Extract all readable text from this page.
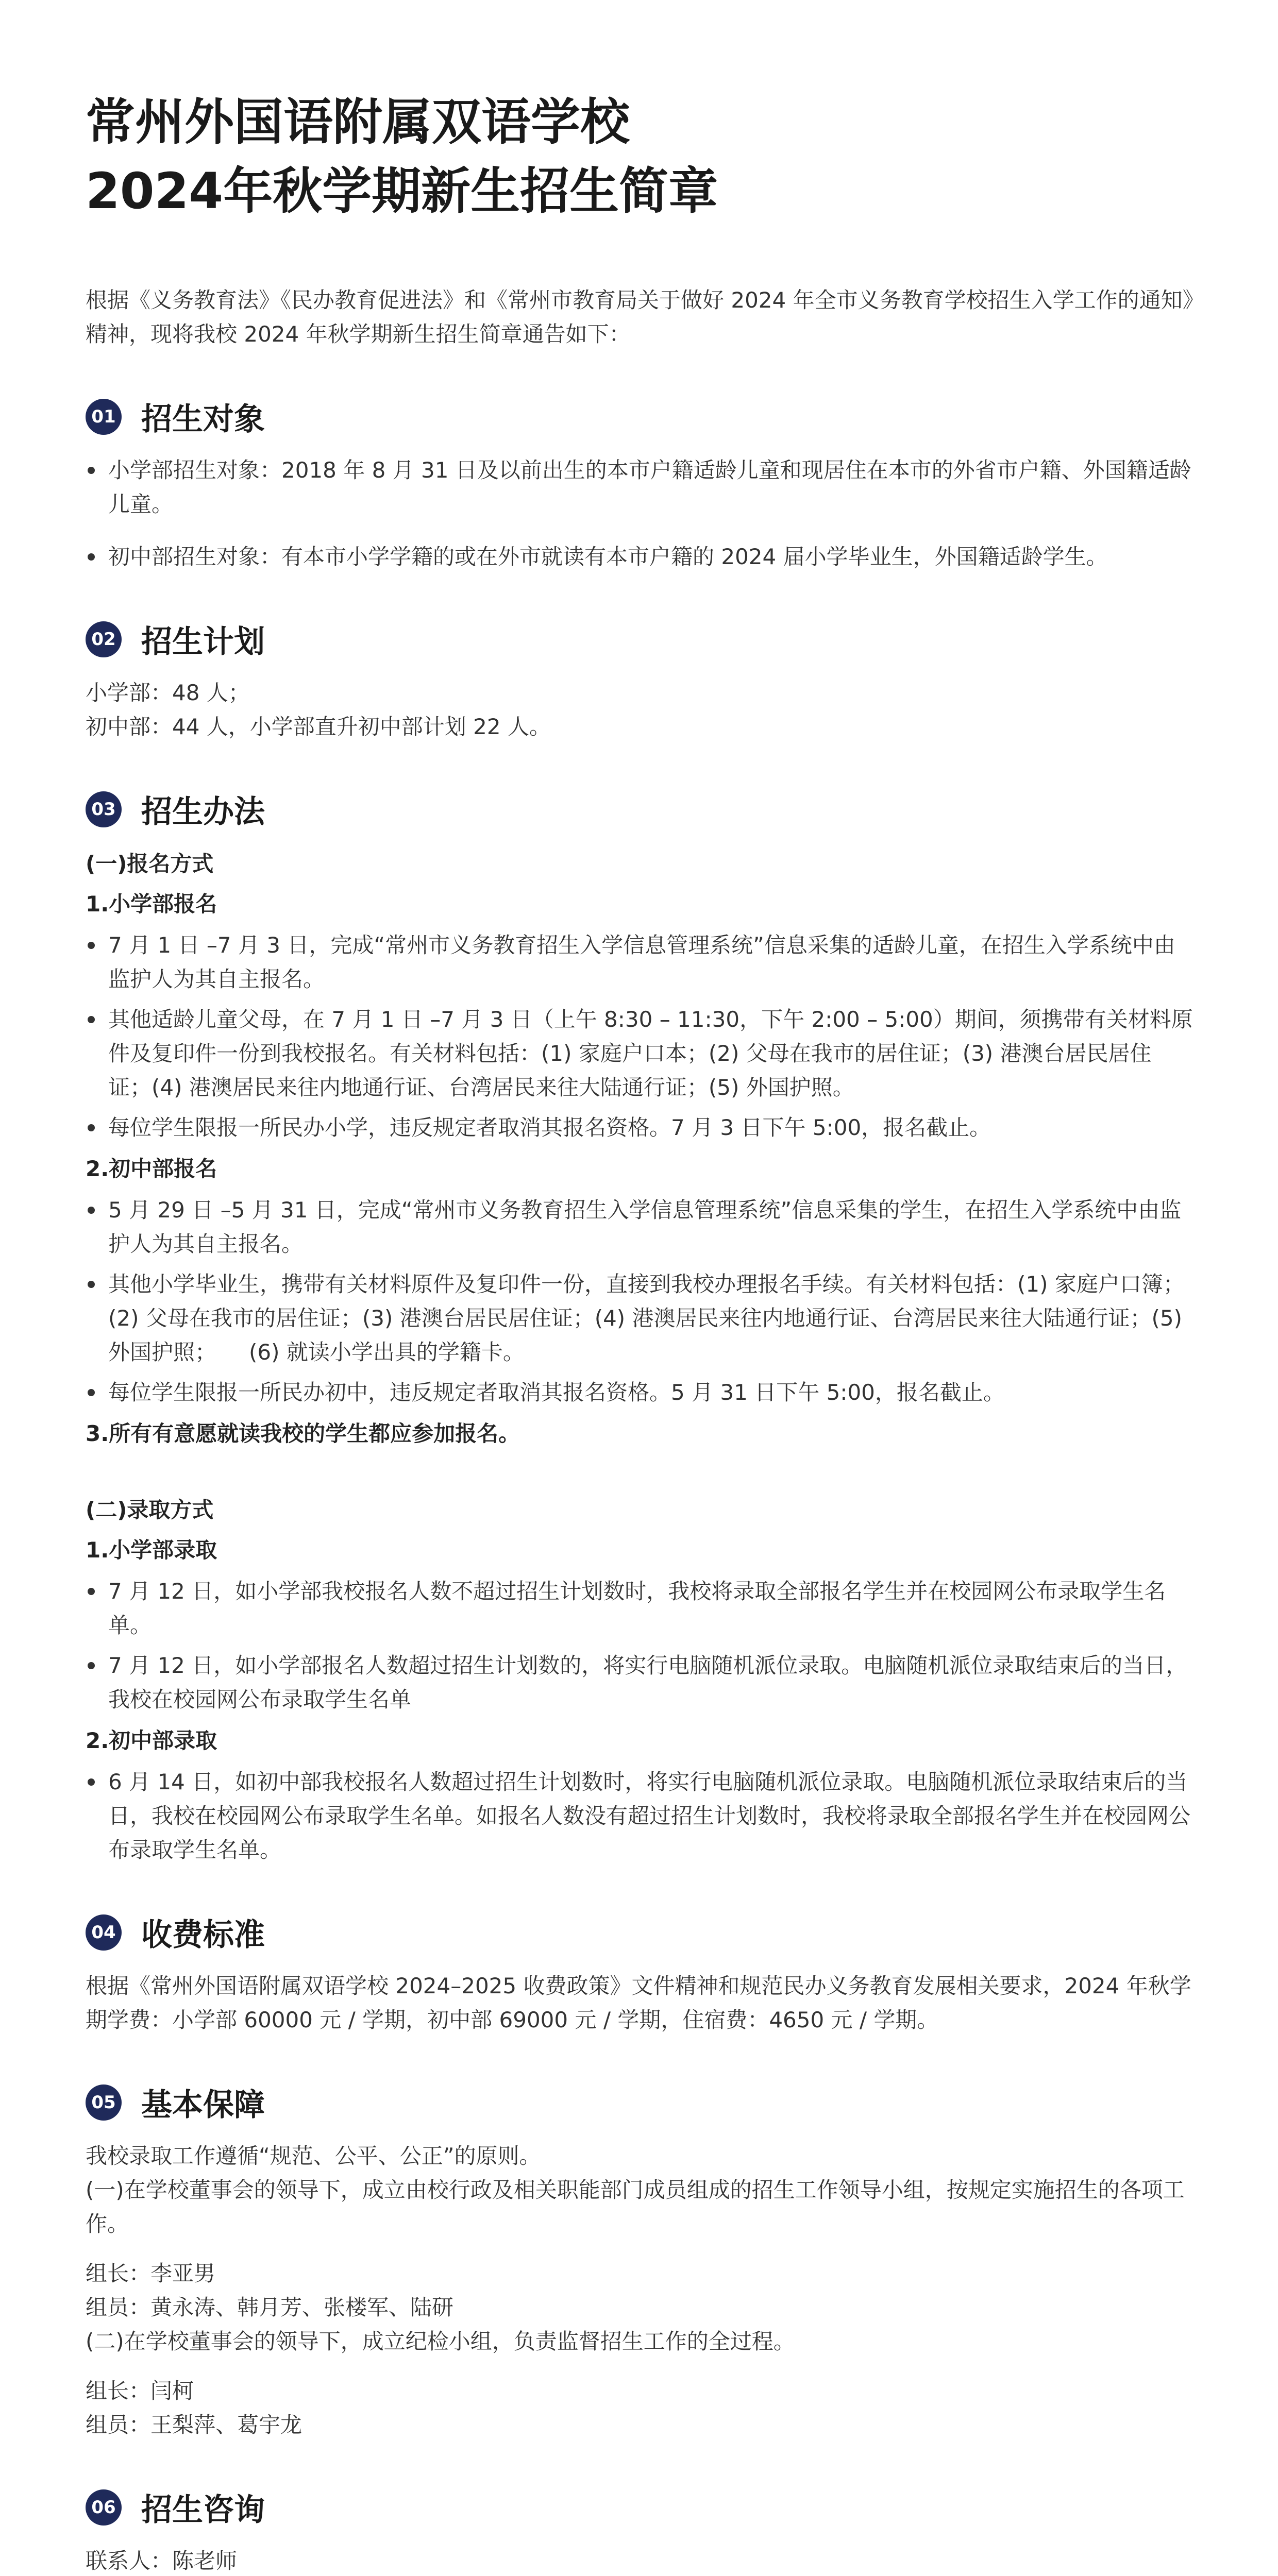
常州外国语附属双语学校
2024年秋学期新生招生简章
根据《义务教育法》《民办教育促进法》和《常州市教育局关于做好 2024 年全市义务教育学校招生入学工作的通知》精神，现将我校 2024 年秋学期新生招生简章通告如下：
01 招生对象
小学部招生对象：2018 年 8 月 31 日及以前出生的本市户籍适龄儿童和现居住在本市的外省市户籍、外国籍适龄儿童。
初中部招生对象：有本市小学学籍的或在外市就读有本市户籍的 2024 届小学毕业生，外国籍适龄学生。
02 招生计划

小学部：48 人；

初中部：44 人，小学部直升初中部计划 22 人。

03 招生办法

(一)报名方式

1.小学部报名

7 月 1 日 –7 月 3 日，完成“常州市义务教育招生入学信息管理系统”信息采集的适龄儿童，在招生入学系统中由监护人为其自主报名。
其他适龄儿童父母，在 7 月 1 日 –7 月 3 日（上午 8:30 – 11:30，下午 2:00 – 5:00）期间，须携带有关材料原件及复印件一份到我校报名。有关材料包括：(1) 家庭户口本；(2) 父母在我市的居住证；(3) 港澳台居民居住证；(4) 港澳居民来往内地通行证、台湾居民来往大陆通行证；(5) 外国护照。
每位学生限报一所民办小学，违反规定者取消其报名资格。7 月 3 日下午 5:00，报名截止。

2.初中部报名

5 月 29 日 –5 月 31 日，完成“常州市义务教育招生入学信息管理系统”信息采集的学生，在招生入学系统中由监护人为其自主报名。
其他小学毕业生，携带有关材料原件及复印件一份，直接到我校办理报名手续。有关材料包括：(1) 家庭户口簿；(2) 父母在我市的居住证；(3) 港澳台居民居住证；(4) 港澳居民来往内地通行证、台湾居民来往大陆通行证；(5) 外国护照；　　(6) 就读小学出具的学籍卡。
每位学生限报一所民办初中，违反规定者取消其报名资格。5 月 31 日下午 5:00，报名截止。

3.所有有意愿就读我校的学生都应参加报名。

(二)录取方式

1.小学部录取

7 月 12 日，如小学部我校报名人数不超过招生计划数时，我校将录取全部报名学生并在校园网公布录取学生名单。
7 月 12 日，如小学部报名人数超过招生计划数的，将实行电脑随机派位录取。电脑随机派位录取结束后的当日，我校在校园网公布录取学生名单

2.初中部录取

6 月 14 日，如初中部我校报名人数超过招生计划数时，将实行电脑随机派位录取。电脑随机派位录取结束后的当日，我校在校园网公布录取学生名单。如报名人数没有超过招生计划数时，我校将录取全部报名学生并在校园网公布录取学生名单。
04 收费标准

根据《常州外国语附属双语学校 2024–2025 收费政策》文件精神和规范民办义务教育发展相关要求，2024 年秋学期学费：小学部 60000 元 / 学期，初中部 69000 元 / 学期，住宿费：4650 元 / 学期。

05 基本保障

我校录取工作遵循“规范、公平、公正”的原则。

(一)在学校董事会的领导下，成立由校行政及相关职能部门成员组成的招生工作领导小组，按规定实施招生的各项工作。

组长：李亚男

组员：黄永涛、韩月芳、张楼军、陆研

(二)在学校董事会的领导下，成立纪检小组，负责监督招生工作的全过程。

组长：闫柯

组员：王梨萍、葛宇龙

06 招生咨询

联系人：陈老师
